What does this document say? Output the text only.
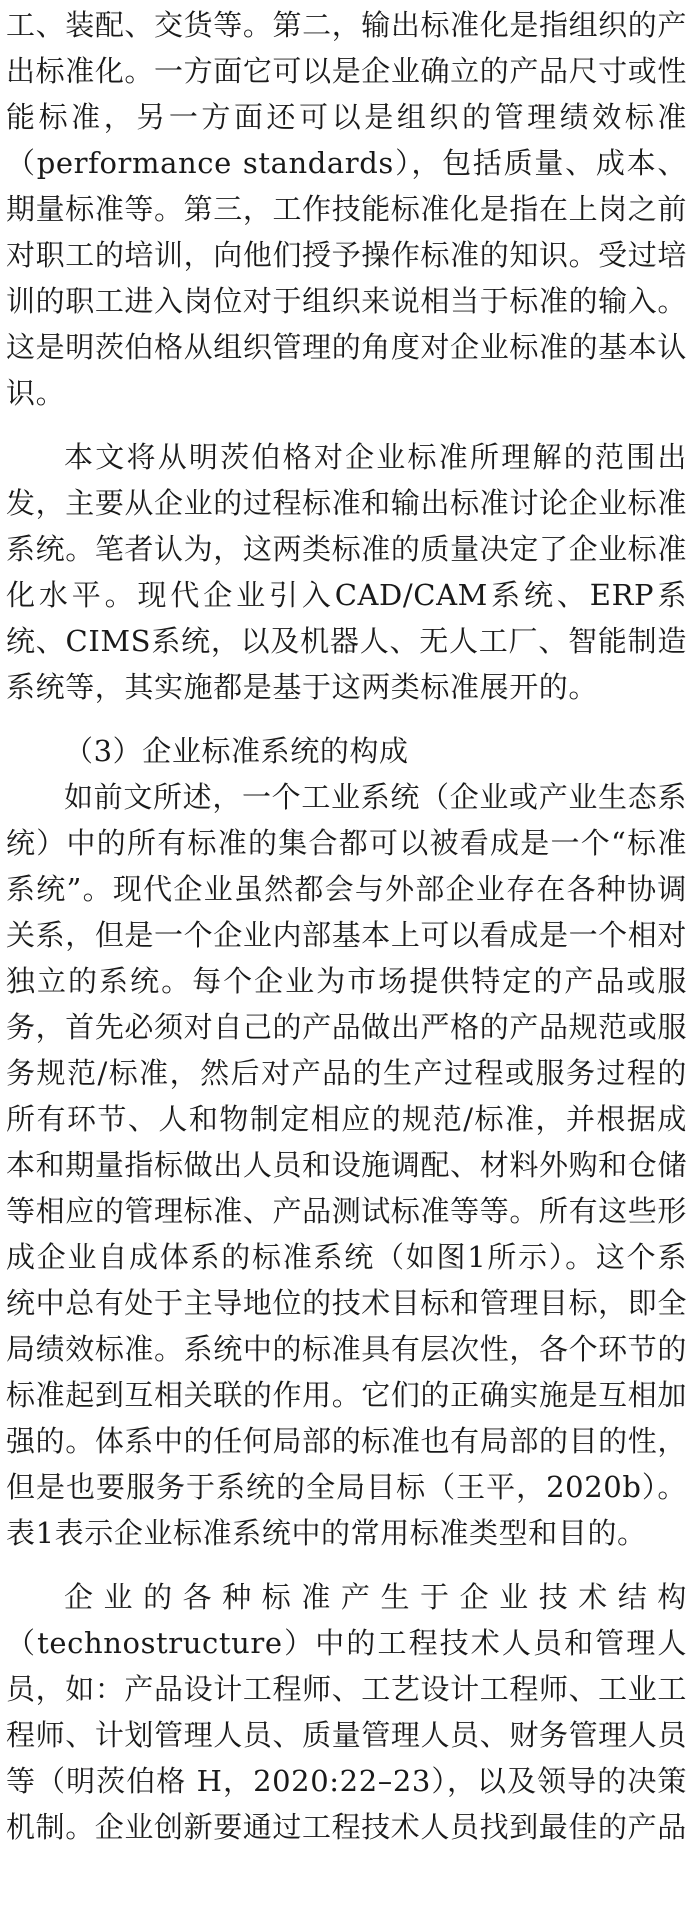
工、装配、交货等。第二，输出标准化是指组织的产出标准化。一方面它可以是企业确立的产品尺寸或性能标准，另一方面还可以是组织的管理绩效标准（performance standards），包括质量、成本、期量标准等。第三，工作技能标准化是指在上岗之前对职工的培训，向他们授予操作标准的知识。受过培训的职工进入岗位对于组织来说相当于标准的输入。这是明茨伯格从组织管理的角度对企业标准的基本认识。

本文将从明茨伯格对企业标准所理解的范围出发，主要从企业的过程标准和输出标准讨论企业标准系统。笔者认为，这两类标准的质量决定了企业标准化水平。现代企业引入CAD/CAM系统、ERP系统、CIMS系统，以及机器人、无人工厂、智能制造系统等，其实施都是基于这两类标准展开的。

（3）企业标准系统的构成

如前文所述，一个工业系统（企业或产业生态系统）中的所有标准的集合都可以被看成是一个“标准系统”。现代企业虽然都会与外部企业存在各种协调关系，但是一个企业内部基本上可以看成是一个相对独立的系统。每个企业为市场提供特定的产品或服务，首先必须对自己的产品做出严格的产品规范或服务规范/标准，然后对产品的生产过程或服务过程的所有环节、人和物制定相应的规范/标准，并根据成本和期量指标做出人员和设施调配、材料外购和仓储等相应的管理标准、产品测试标准等等。所有这些形成企业自成体系的标准系统（如图1所示）。这个系统中总有处于主导地位的技术目标和管理目标，即全局绩效标准。系统中的标准具有层次性，各个环节的标准起到互相关联的作用。它们的正确实施是互相加强的。体系中的任何局部的标准也有局部的目的性，但是也要服务于系统的全局目标（王平，2020b）。表1表示企业标准系统中的常用标准类型和目的。

企业的各种标准产生于企业技术结构（technostructure）中的工程技术人员和管理人员，如：产品设计工程师、工艺设计工程师、工业工程师、计划管理人员、质量管理人员、财务管理人员等（明茨伯格 H，2020:22–23），以及领导的决策机制。企业创新要通过工程技术人员找到最佳的产品
